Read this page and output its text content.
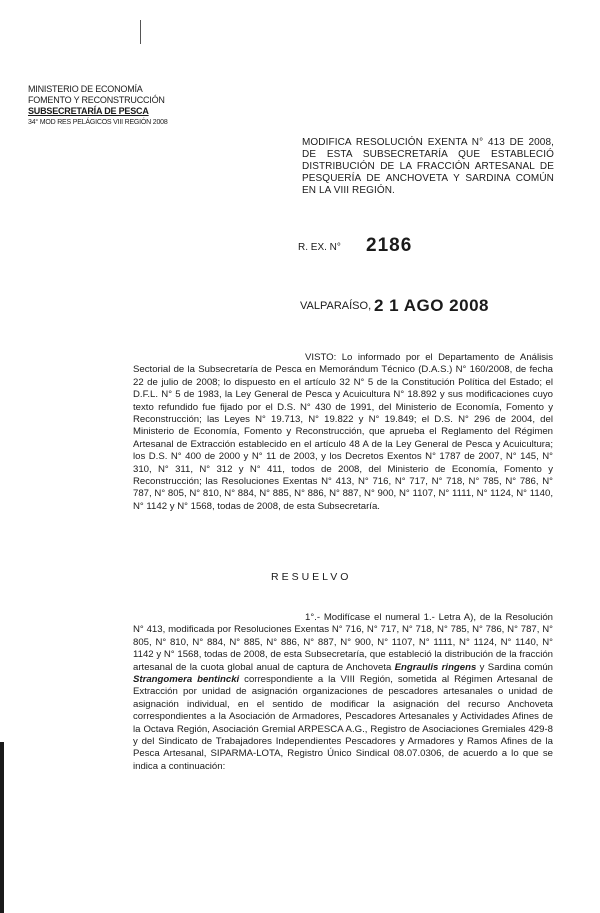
MINISTERIO DE ECONOMÍA
FOMENTO Y RECONSTRUCCIÓN
SUBSECRETARÍA DE PESCA
34° MOD RES PELÁGICOS VIII REGIÓN 2008
MODIFICA RESOLUCIÓN EXENTA N° 413 DE 2008, DE ESTA SUBSECRETARÍA QUE ESTABLECIÓ DISTRIBUCIÓN DE LA FRACCIÓN ARTESANAL DE PESQUERÍA DE ANCHOVETA Y SARDINA COMÚN EN LA VIII REGIÓN.
R. EX. N° 2186
VALPARAÍSO, 2 1 AGO 2008
VISTO: Lo informado por el Departamento de Análisis Sectorial de la Subsecretaría de Pesca en Memorándum Técnico (D.A.S.) N° 160/2008, de fecha 22 de julio de 2008; lo dispuesto en el artículo 32 N° 5 de la Constitución Política del Estado; el D.F.L. N° 5 de 1983, la Ley General de Pesca y Acuicultura N° 18.892 y sus modificaciones cuyo texto refundido fue fijado por el D.S. N° 430 de 1991, del Ministerio de Economía, Fomento y Reconstrucción; las Leyes N° 19.713, N° 19.822 y N° 19.849; el D.S. N° 296 de 2004, del Ministerio de Economía, Fomento y Reconstrucción, que aprueba el Reglamento del Régimen Artesanal de Extracción establecido en el artículo 48 A de la Ley General de Pesca y Acuicultura; los D.S. N° 400 de 2000 y N° 11 de 2003, y los Decretos Exentos N° 1787 de 2007, N° 145, N° 310, N° 311, N° 312 y N° 411, todos de 2008, del Ministerio de Economía, Fomento y Reconstrucción; las Resoluciones Exentas N° 413, N° 716, N° 717, N° 718, N° 785, N° 786, N° 787, N° 805, N° 810, N° 884, N° 885, N° 886, N° 887, N° 900, N° 1107, N° 1111, N° 1124, N° 1140, N° 1142 y N° 1568, todas de 2008, de esta Subsecretaría.
RESUELVO
1°.- Modifícase el numeral 1.- Letra A), de la Resolución N° 413, modificada por Resoluciones Exentas N° 716, N° 717, N° 718, N° 785, N° 786, N° 787, N° 805, N° 810, N° 884, N° 885, N° 886, N° 887, N° 900, N° 1107, N° 1111, N° 1124, N° 1140, N° 1142 y N° 1568, todas de 2008, de esta Subsecretaría, que estableció la distribución de la fracción artesanal de la cuota global anual de captura de Anchoveta Engraulis ringens y Sardina común Strangomera bentincki correspondiente a la VIII Región, sometida al Régimen Artesanal de Extracción por unidad de asignación organizaciones de pescadores artesanales o unidad de asignación individual, en el sentido de modificar la asignación del recurso Anchoveta correspondientes a la Asociación de Armadores, Pescadores Artesanales y Actividades Afines de la Octava Región, Asociación Gremial ARPESCA A.G., Registro de Asociaciones Gremiales 429-8 y del Sindicato de Trabajadores Independientes Pescadores y Armadores y Ramos Afines de la Pesca Artesanal, SIPARMA-LOTA, Registro Único Sindical 08.07.0306, de acuerdo a lo que se indica a continuación:
